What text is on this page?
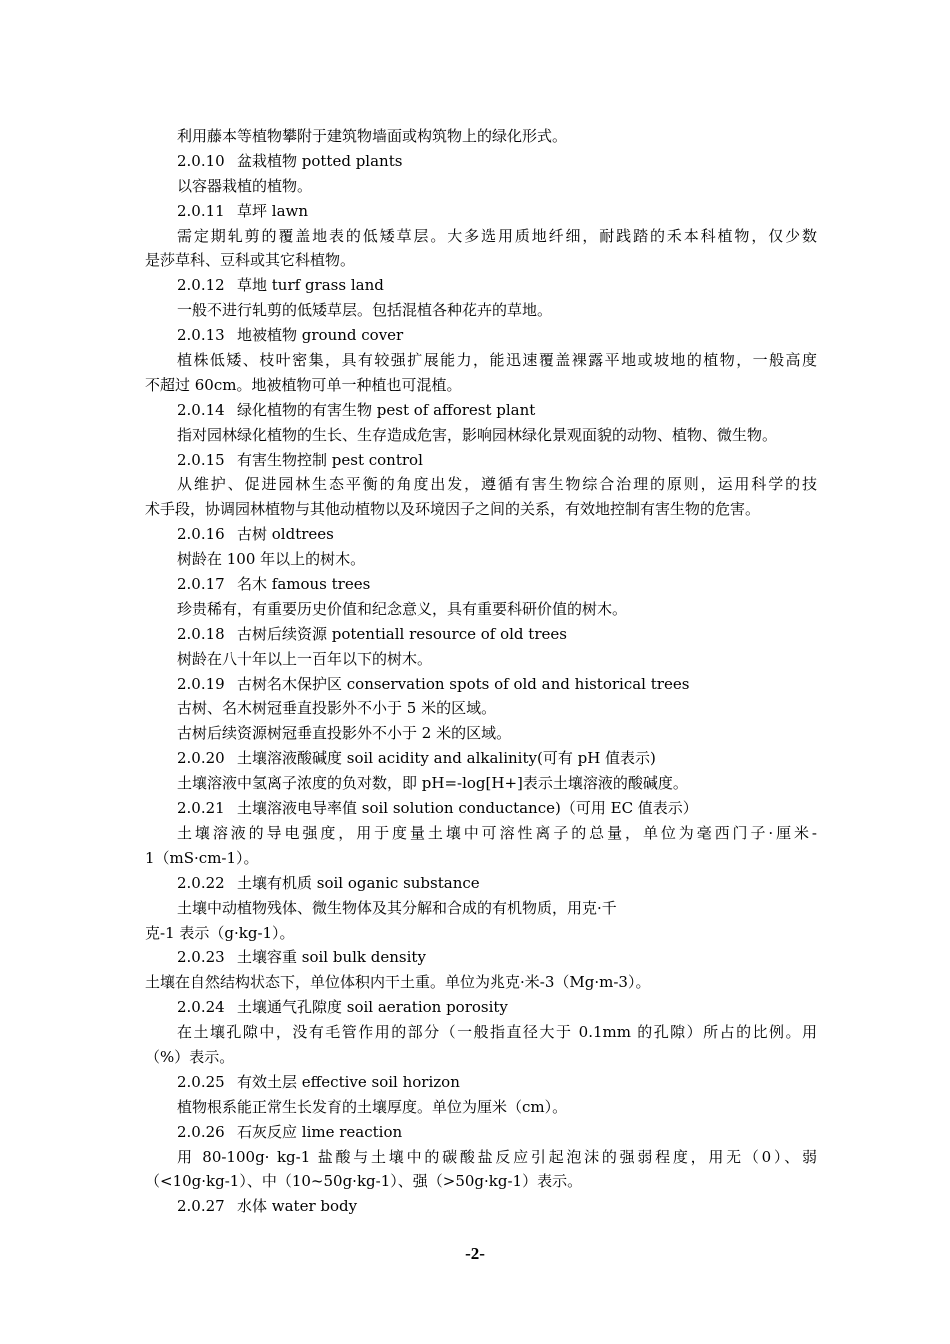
利用藤本等植物攀附于建筑物墙面或构筑物上的绿化形式。
2.0.10 盆栽植物 potted plants
以容器栽植的植物。
2.0.11 草坪 lawn
需定期轧剪的覆盖地表的低矮草层。大多选用质地纤细，耐践踏的禾本科植物，仅少数
是莎草科、豆科或其它科植物。
2.0.12 草地 turf grass land
一般不进行轧剪的低矮草层。包括混植各种花卉的草地。
2.0.13 地被植物 ground cover
植株低矮、枝叶密集，具有较强扩展能力，能迅速覆盖裸露平地或坡地的植物，一般高度
不超过 60cm。地被植物可单一种植也可混植。
2.0.14 绿化植物的有害生物 pest of afforest plant
指对园林绿化植物的生长、生存造成危害，影响园林绿化景观面貌的动物、植物、微生物。
2.0.15 有害生物控制 pest control
从维护、促进园林生态平衡的角度出发，遵循有害生物综合治理的原则，运用科学的技
术手段，协调园林植物与其他动植物以及环境因子之间的关系，有效地控制有害生物的危害。
2.0.16 古树 oldtrees
树龄在 100 年以上的树木。
2.0.17 名木 famous trees
珍贵稀有，有重要历史价值和纪念意义，具有重要科研价值的树木。
2.0.18 古树后续资源 potentiall resource of old trees
树龄在八十年以上一百年以下的树木。
2.0.19 古树名木保护区 conservation spots of old and historical trees
古树、名木树冠垂直投影外不小于 5 米的区域。
古树后续资源树冠垂直投影外不小于 2 米的区域。
2.0.20 土壤溶液酸碱度 soil acidity and alkalinity(可有 pH 值表示)
土壤溶液中氢离子浓度的负对数，即 pH=-log[H+]表示土壤溶液的酸碱度。
2.0.21 土壤溶液电导率值 soil solution conductance)（可用 EC 值表示）
土壤溶液的导电强度，用于度量土壤中可溶性离子的总量，单位为毫西门子·厘米-
1（mS·cm-1）。
2.0.22 土壤有机质 soil oganic substance
土壤中动植物残体、微生物体及其分解和合成的有机物质，用克·千
克-1 表示（g·kg-1）。
2.0.23 土壤容重 soil bulk density
土壤在自然结构状态下，单位体积内干土重。单位为兆克·米-3（Mg·m-3）。
2.0.24 土壤通气孔隙度 soil aeration porosity
在土壤孔隙中，没有毛管作用的部分（一般指直径大于 0.1mm 的孔隙）所占的比例。用
（%）表示。
2.0.25 有效土层 effective soil horizon
植物根系能正常生长发育的土壤厚度。单位为厘米（cm）。
2.0.26 石灰反应 lime reaction
用 80-100g· kg-1 盐酸与土壤中的碳酸盐反应引起泡沫的强弱程度，用无（0）、弱
（<10g·kg-1）、中（10~50g·kg-1）、强（>50g·kg-1）表示。
2.0.27 水体 water body
-2-
